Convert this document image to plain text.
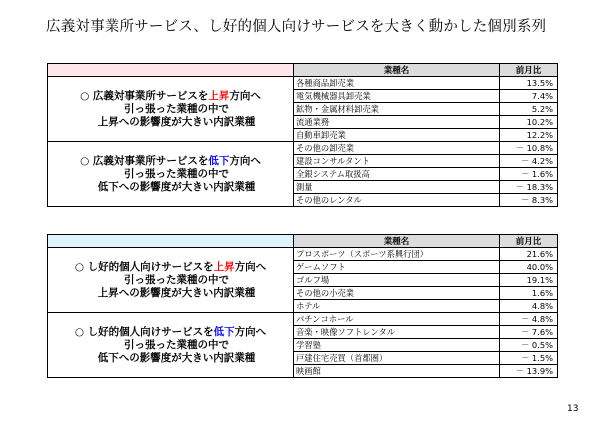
広義対事業所サービス、し好的個人向けサービスを大きく動かした個別系列
	業種名	前月比

○ 広義対事業所サービスを上昇方向へ
引っ張った業種の中で
上昇への影響度が大きい内訳業種	各種商品卸売業	13.5%
	電気機械器具卸売業	7.4%
	鉱物・金属材料卸売業	5.2%
	流通業務	10.2%
	自動車卸売業	12.2%

○ 広義対事業所サービスを低下方向へ
引っ張った業種の中で
低下への影響度が大きい内訳業種	その他の卸売業	－ 10.8%
	建設コンサルタント	－ 4.2%
	全銀システム取扱高	－ 1.6%
	測量	－ 18.3%
	その他のレンタル	－ 8.3%
	業種名	前月比

○ し好的個人向けサービスを上昇方向へ
引っ張った業種の中で
上昇への影響度が大きい内訳業種	プロスポーツ（スポーツ系興行団）	21.6%
	ゲームソフト	40.0%
	ゴルフ場	19.1%
	その他の小売業	1.6%
	ホテル	4.8%

○ し好的個人向けサービスを低下方向へ
引っ張った業種の中で
低下への影響度が大きい内訳業種	パチンコホール	－ 4.8%
	音楽・映像ソフトレンタル	－ 7.6%
	学習塾	－ 0.5%
	戸建住宅売買（首都圏）	－ 1.5%
	映画館	－ 13.9%
13
